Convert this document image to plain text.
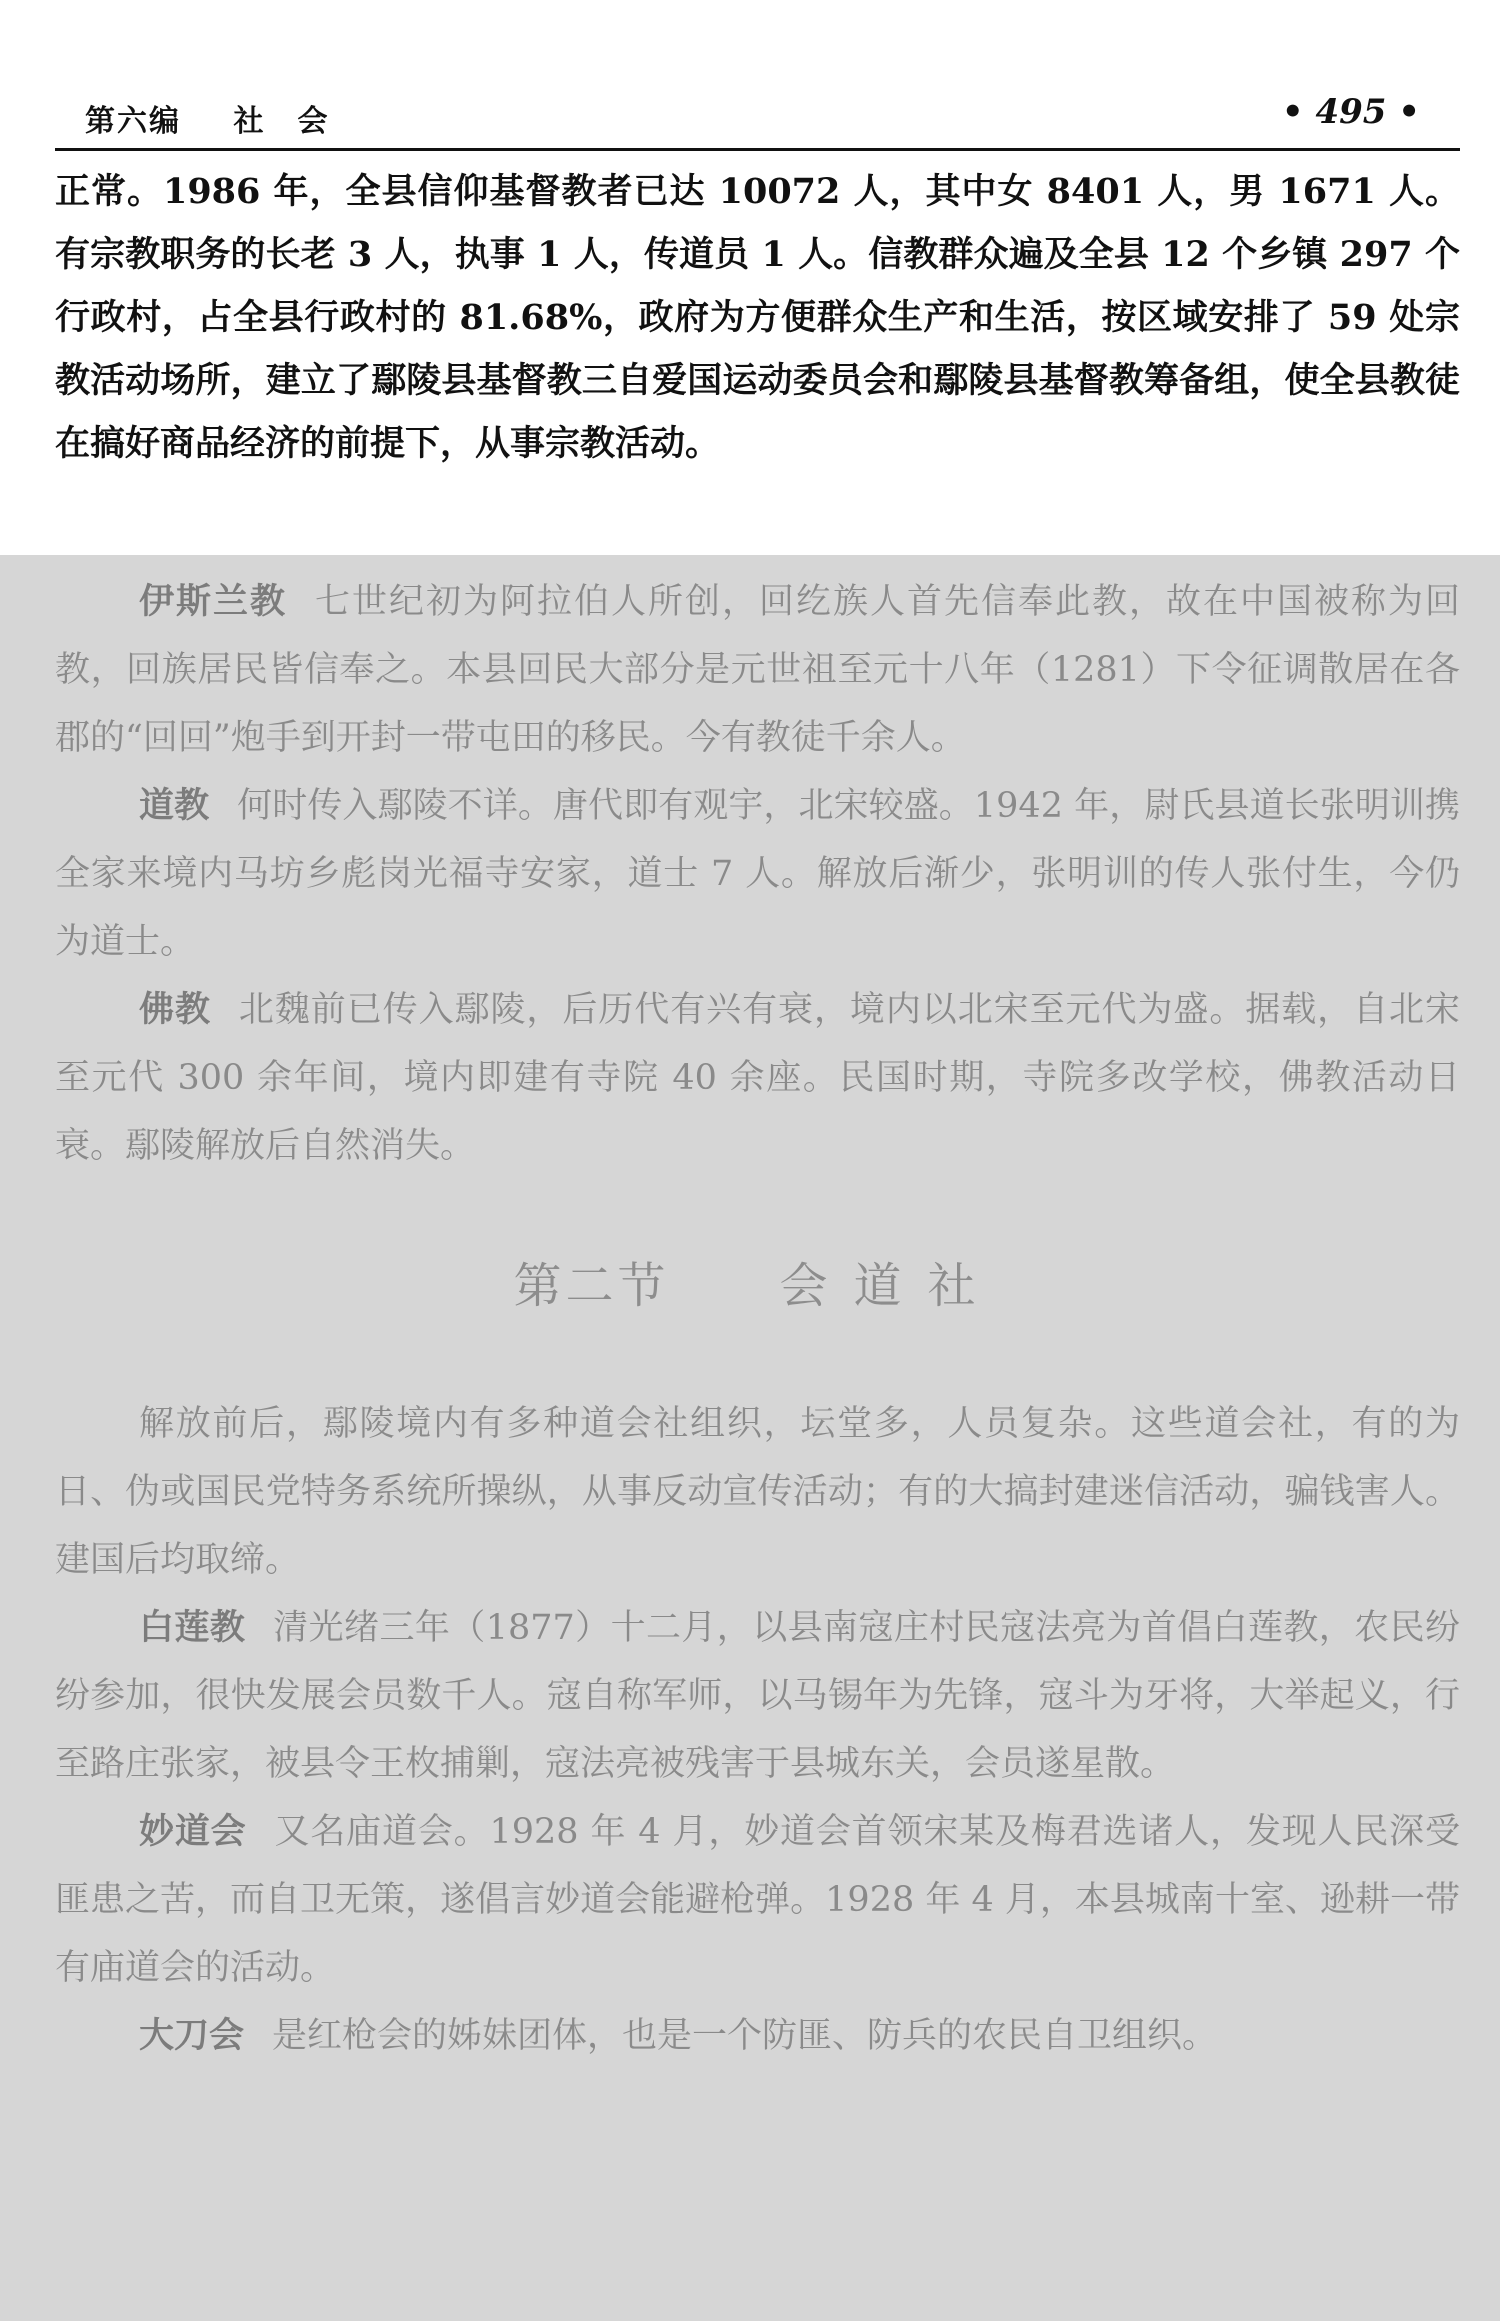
第六编 社　会	• 495 •
正常。1986 年，全县信仰基督教者已达 10072 人，其中女 8401 人，男 1671 人。有宗教职务的长老 3 人，执事 1 人，传道员 1 人。信教群众遍及全县 12 个乡镇 297 个行政村，占全县行政村的 81.68%，政府为方便群众生产和生活，按区域安排了 59 处宗教活动场所，建立了鄢陵县基督教三自爱国运动委员会和鄢陵县基督教筹备组，使全县教徒在搞好商品经济的前提下，从事宗教活动。

伊斯兰教 七世纪初为阿拉伯人所创，回纥族人首先信奉此教，故在中国被称为回教，回族居民皆信奉之。本县回民大部分是元世祖至元十八年（1281）下令征调散居在各郡的“回回”炮手到开封一带屯田的移民。今有教徒千余人。

道教 何时传入鄢陵不详。唐代即有观宇，北宋较盛。1942 年，尉氏县道长张明训携全家来境内马坊乡彪岗光福寺安家，道士 7 人。解放后渐少，张明训的传人张付生，今仍为道士。

佛教 北魏前已传入鄢陵，后历代有兴有衰，境内以北宋至元代为盛。据载，自北宋至元代 300 余年间，境内即建有寺院 40 余座。民国时期，寺院多改学校，佛教活动日衰。鄢陵解放后自然消失。

第二节 会道社

解放前后，鄢陵境内有多种道会社组织，坛堂多，人员复杂。这些道会社，有的为日、伪或国民党特务系统所操纵，从事反动宣传活动；有的大搞封建迷信活动，骗钱害人。建国后均取缔。

白莲教 清光绪三年（1877）十二月，以县南寇庄村民寇法亮为首倡白莲教，农民纷纷参加，很快发展会员数千人。寇自称军师，以马锡年为先锋，寇斗为牙将，大举起义，行至路庄张家，被县令王枚捕剿，寇法亮被残害于县城东关，会员遂星散。

妙道会 又名庙道会。1928 年 4 月，妙道会首领宋某及梅君选诸人，发现人民深受匪患之苦，而自卫无策，遂倡言妙道会能避枪弹。1928 年 4 月，本县城南十室、逊耕一带有庙道会的活动。

大刀会 是红枪会的姊妹团体，也是一个防匪、防兵的农民自卫组织。
